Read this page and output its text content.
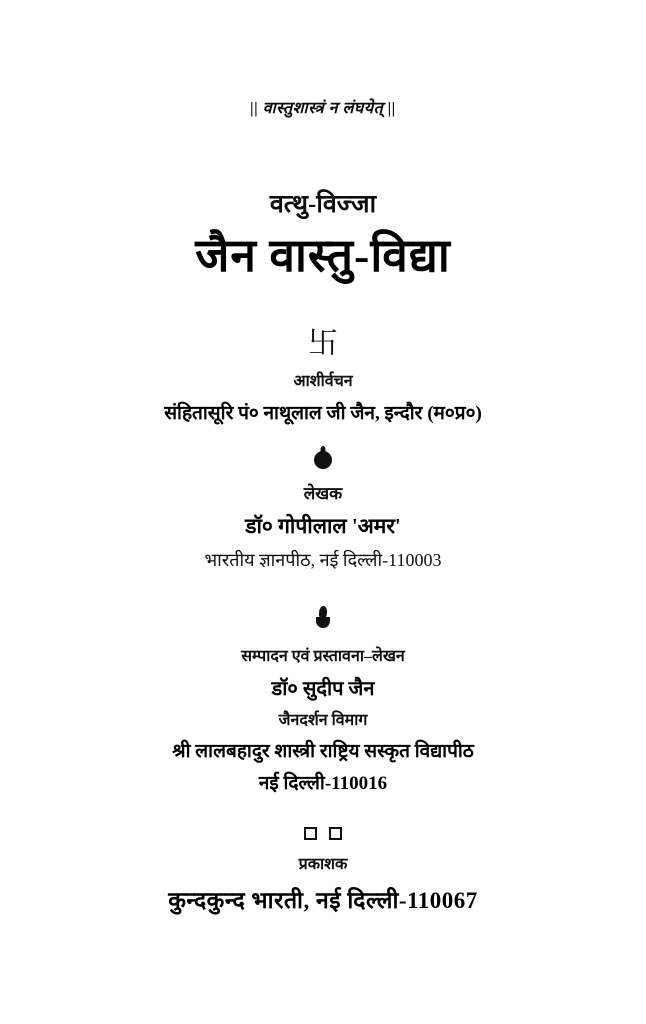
|| वास्तुशास्त्रं न लंघयेत् ||
वत्थु-विज्जा
जैन वास्तु-विद्या
卐
आशीर्वचन
संहितासूरि पं० नाथूलाल जी जैन, इन्दौर (म०प्र०)
लेखक
डॉ० गोपीलाल 'अमर'
भारतीय ज्ञानपीठ, नई दिल्ली-110003
सम्पादन एवं प्रस्तावना–लेखन
डॉ० सुदीप जैन
जैनदर्शन विमाग
श्री लालबहादुर शास्त्री राष्ट्रिय सस्कृत विद्यापीठ
नई दिल्ली-110016
प्रकाशक
कुन्दकुन्द भारती, नई दिल्ली-110067
